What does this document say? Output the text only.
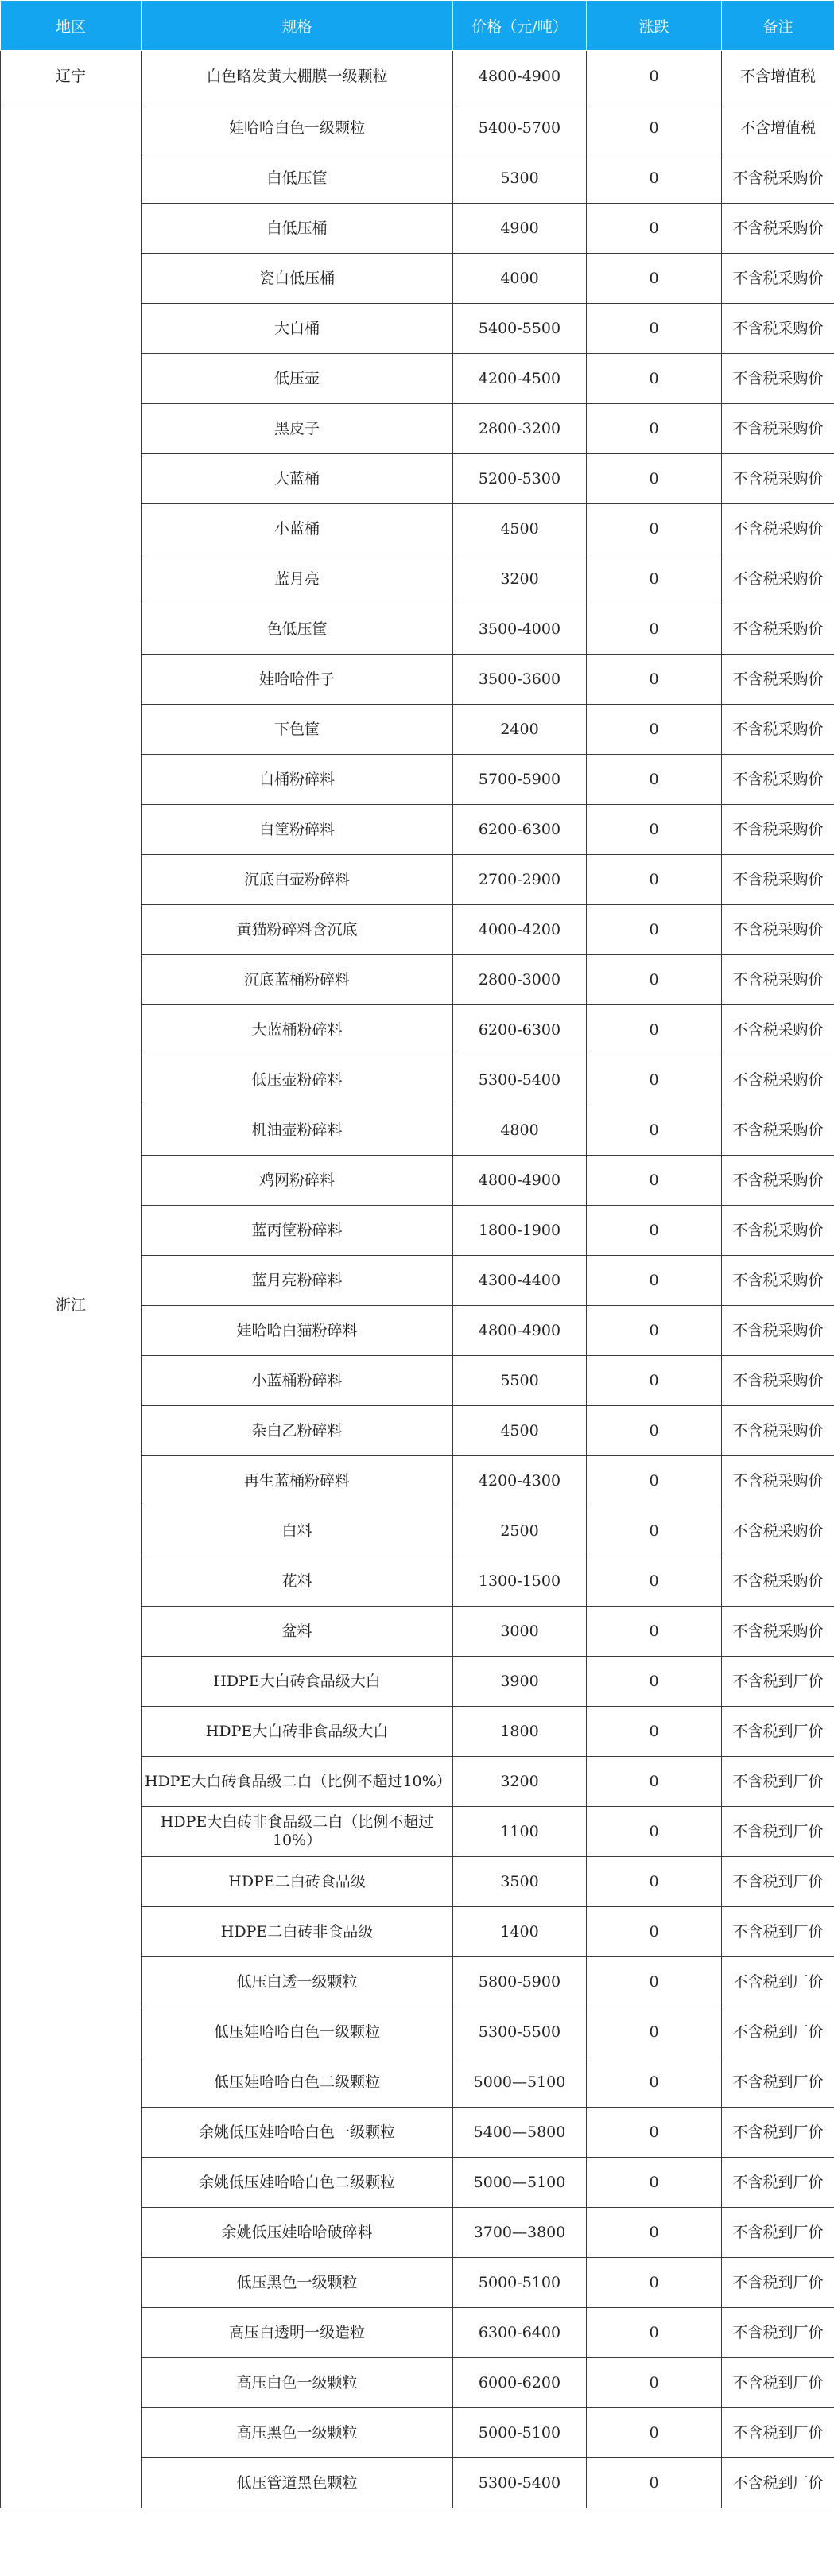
地区	规格	价格（元/吨）	涨跌	备注
辽宁	白色略发黄大棚膜一级颗粒	4800-4900	0	不含增值税
浙江	娃哈哈白色一级颗粒	5400-5700	0	不含增值税
	白低压筐	5300	0	不含税采购价
	白低压桶	4900	0	不含税采购价
	瓷白低压桶	4000	0	不含税采购价
	大白桶	5400-5500	0	不含税采购价
	低压壶	4200-4500	0	不含税采购价
	黑皮子	2800-3200	0	不含税采购价
	大蓝桶	5200-5300	0	不含税采购价
	小蓝桶	4500	0	不含税采购价
	蓝月亮	3200	0	不含税采购价
	色低压筐	3500-4000	0	不含税采购价
	娃哈哈件子	3500-3600	0	不含税采购价
	下色筐	2400	0	不含税采购价
	白桶粉碎料	5700-5900	0	不含税采购价
	白筐粉碎料	6200-6300	0	不含税采购价
	沉底白壶粉碎料	2700-2900	0	不含税采购价
	黄猫粉碎料含沉底	4000-4200	0	不含税采购价
	沉底蓝桶粉碎料	2800-3000	0	不含税采购价
	大蓝桶粉碎料	6200-6300	0	不含税采购价
	低压壶粉碎料	5300-5400	0	不含税采购价
	机油壶粉碎料	4800	0	不含税采购价
	鸡网粉碎料	4800-4900	0	不含税采购价
	蓝丙筐粉碎料	1800-1900	0	不含税采购价
	蓝月亮粉碎料	4300-4400	0	不含税采购价
	娃哈哈白猫粉碎料	4800-4900	0	不含税采购价
	小蓝桶粉碎料	5500	0	不含税采购价
	杂白乙粉碎料	4500	0	不含税采购价
	再生蓝桶粉碎料	4200-4300	0	不含税采购价
	白料	2500	0	不含税采购价
	花料	1300-1500	0	不含税采购价
	盆料	3000	0	不含税采购价
	HDPE大白砖食品级大白	3900	0	不含税到厂价
	HDPE大白砖非食品级大白	1800	0	不含税到厂价
	HDPE大白砖食品级二白（比例不超过10%）	3200	0	不含税到厂价
	HDPE大白砖非食品级二白（比例不超过10%）	1100	0	不含税到厂价
	HDPE二白砖食品级	3500	0	不含税到厂价
	HDPE二白砖非食品级	1400	0	不含税到厂价
	低压白透一级颗粒	5800-5900	0	不含税到厂价
	低压娃哈哈白色一级颗粒	5300-5500	0	不含税到厂价
	低压娃哈哈白色二级颗粒	5000—5100	0	不含税到厂价
	余姚低压娃哈哈白色一级颗粒	5400—5800	0	不含税到厂价
	余姚低压娃哈哈白色二级颗粒	5000—5100	0	不含税到厂价
	余姚低压娃哈哈破碎料	3700—3800	0	不含税到厂价
	低压黑色一级颗粒	5000-5100	0	不含税到厂价
	高压白透明一级造粒	6300-6400	0	不含税到厂价
	高压白色一级颗粒	6000-6200	0	不含税到厂价
	高压黑色一级颗粒	5000-5100	0	不含税到厂价
	低压管道黑色颗粒	5300-5400	0	不含税到厂价
